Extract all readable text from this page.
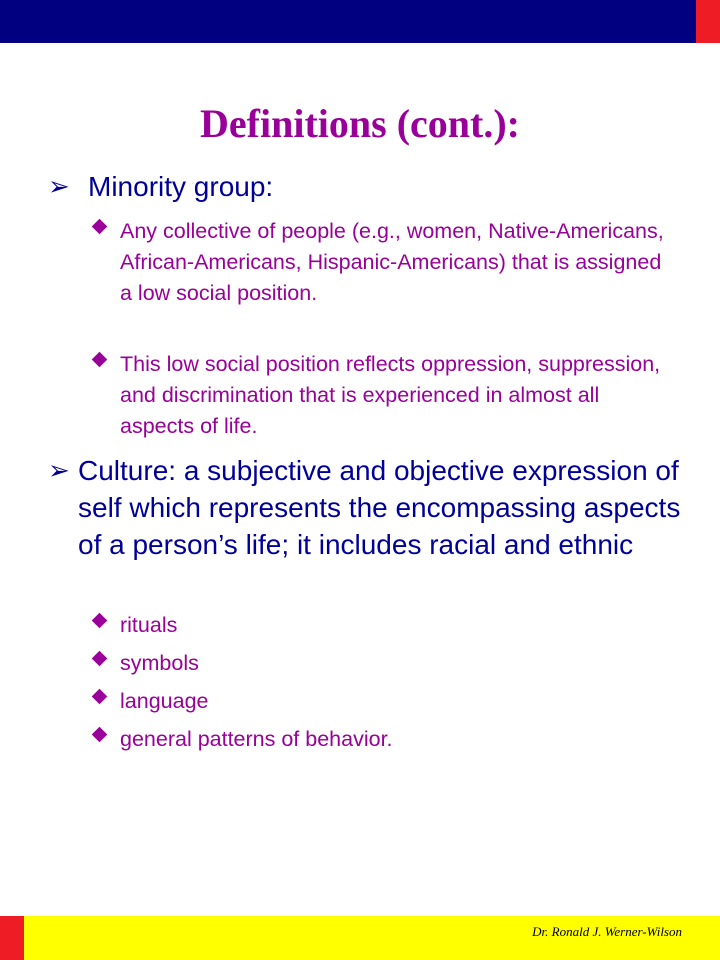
Definitions (cont.):
➢ Minority group:
Any collective of people (e.g., women, Native-Americans, African-Americans, Hispanic-Americans) that is assigned a low social position.
This low social position reflects oppression, suppression, and discrimination that is experienced in almost all aspects of life.
➢ Culture: a subjective and objective expression of self which represents the encompassing aspects of a person’s life; it includes racial and ethnic
rituals
symbols
language
general patterns of behavior.
Dr. Ronald J. Werner-Wilson
